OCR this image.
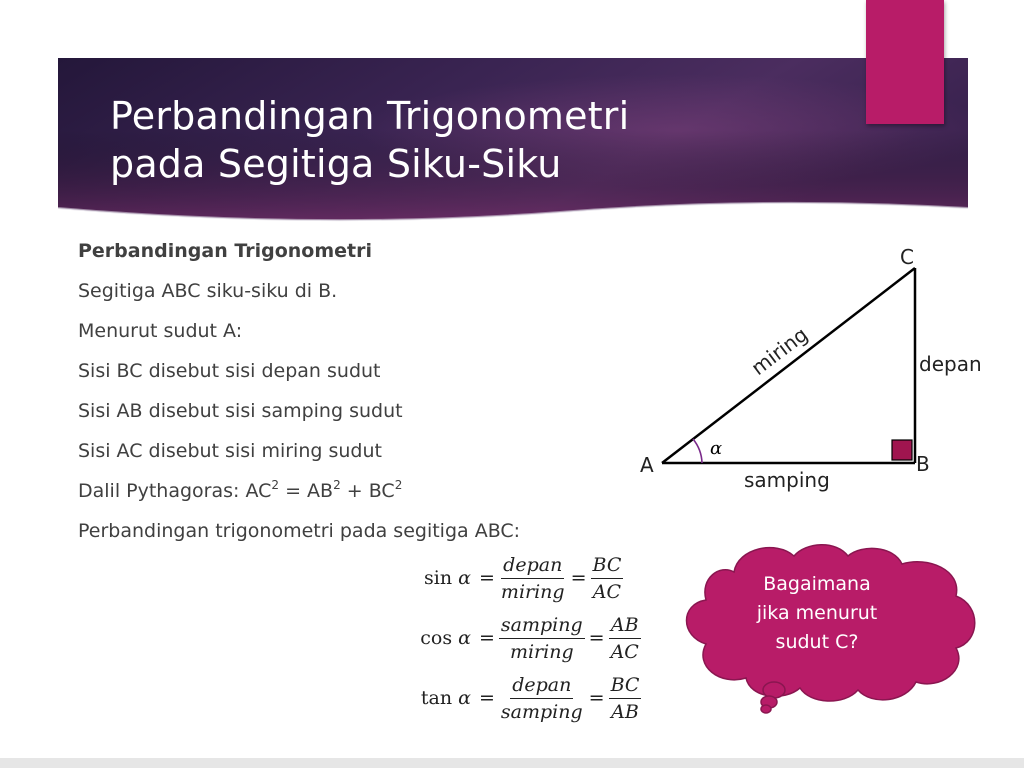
Perbandingan Trigonometri
pada Segitiga Siku-Siku
Perbandingan Trigonometri
Segitiga ABC siku-siku di B.
Menurut sudut A:
Sisi BC disebut sisi depan sudut
Sisi AB disebut sisi samping sudut
Sisi AC disebut sisi miring sudut
Dalil Pythagoras: $AC^2 = AB^2 + BC^2$
Perbandingan trigonometri pada segitiga ABC:
$\sin \alpha = \frac{\text{depan}}{\text{miring}} = \frac{BC}{AC}$
$\cos \alpha = \frac{\text{samping}}{\text{miring}} = \frac{AB}{AC}$
$\tan \alpha = \frac{\text{depan}}{\text{samping}} = \frac{BC}{AB}$
α
A	B
C
miring	depan
samping
Bagaimana
jika menurut
sudut C?
